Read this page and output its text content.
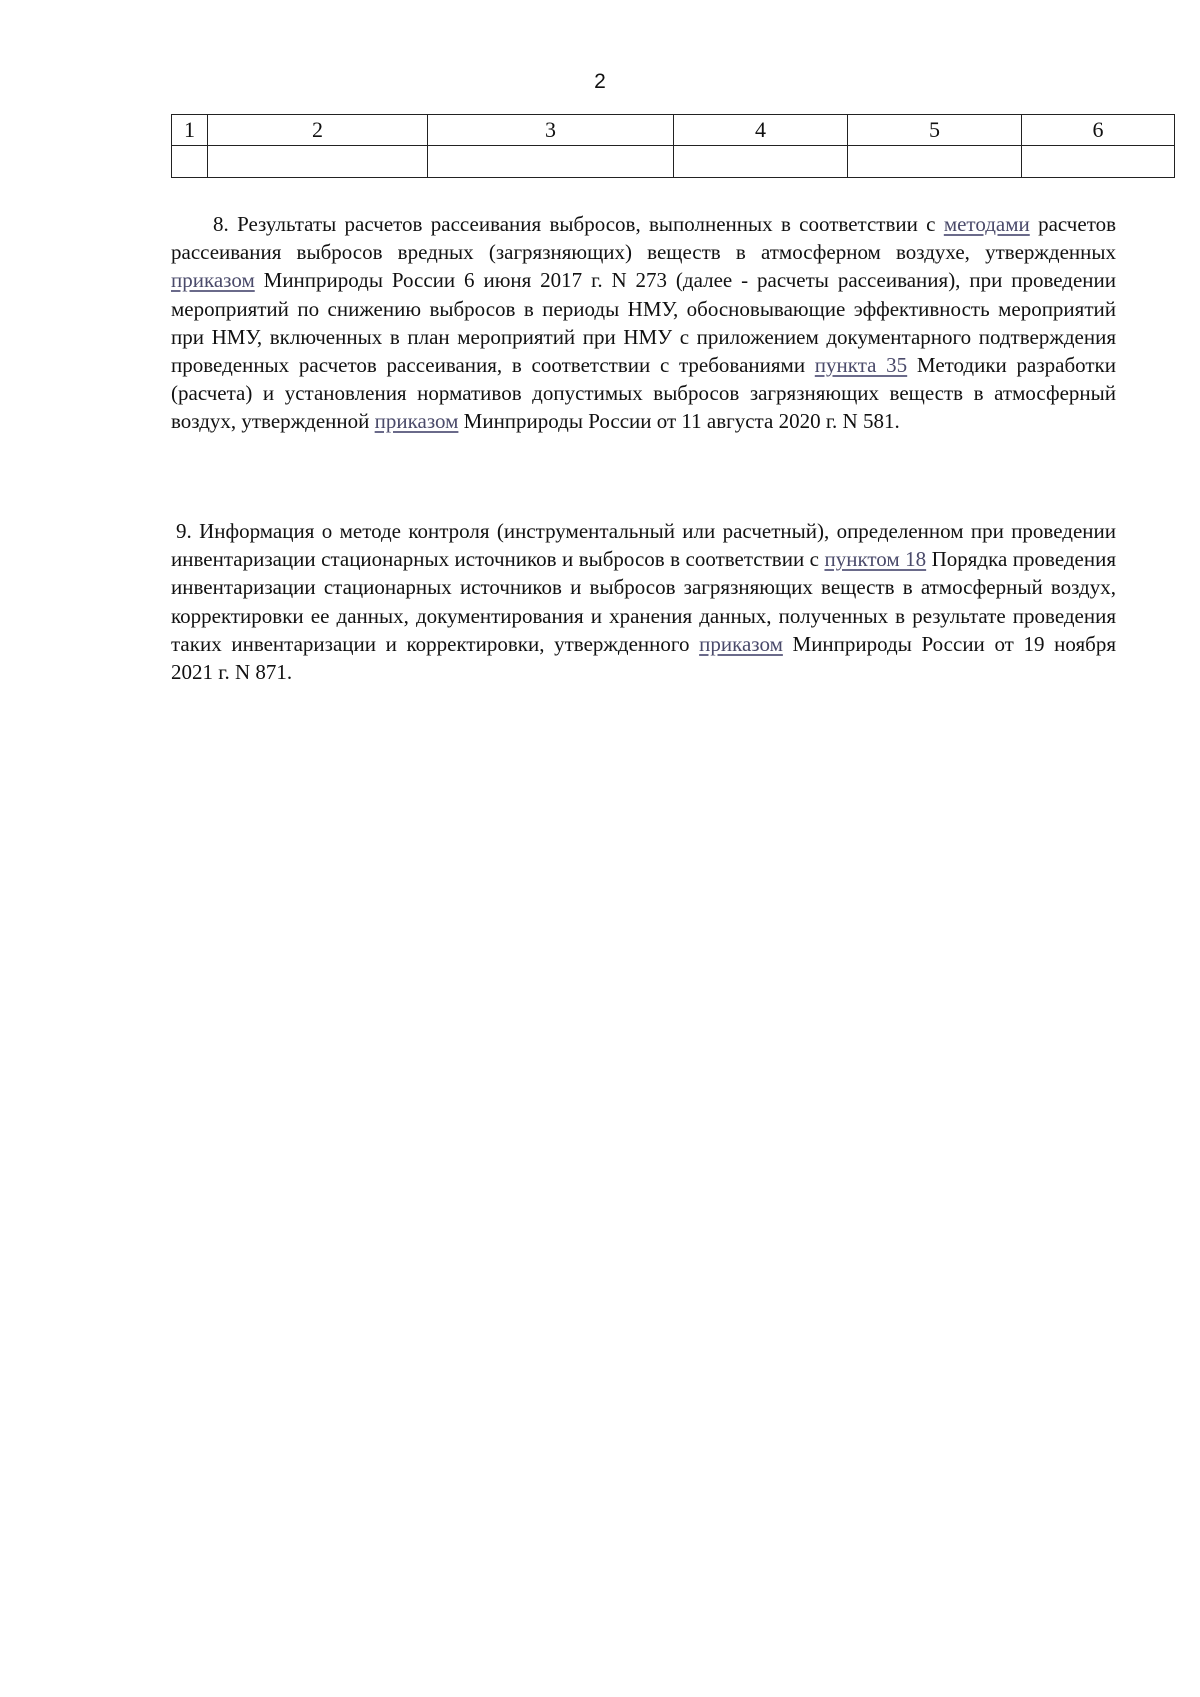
2
1	2	3	4	5	6

8. Результаты расчетов рассеивания выбросов, выполненных в соответствии с методами расчетов рассеивания выбросов вредных (загрязняющих) веществ в атмосферном воздухе, утвержденных приказом Минприроды России 6 июня 2017 г. N 273 (далее - расчеты рассеивания), при проведении мероприятий по снижению выбросов в периоды НМУ, обосновывающие эффективность мероприятий при НМУ, включенных в план мероприятий при НМУ с приложением документарного подтверждения проведенных расчетов рассеивания, в соответствии с требованиями пункта 35 Методики разработки (расчета) и установления нормативов допустимых выбросов загрязняющих веществ в атмосферный воздух, утвержденной приказом Минприроды России от 11 августа 2020 г. N 581.

9. Информация о методе контроля (инструментальный или расчетный), определенном при проведении инвентаризации стационарных источников и выбросов в соответствии с пунктом 18 Порядка проведения инвентаризации стационарных источников и выбросов загрязняющих веществ в атмосферный воздух, корректировки ее данных, документирования и хранения данных, полученных в результате проведения таких инвентаризации и корректировки, утвержденного приказом Минприроды России от 19 ноября 2021 г. N 871.
